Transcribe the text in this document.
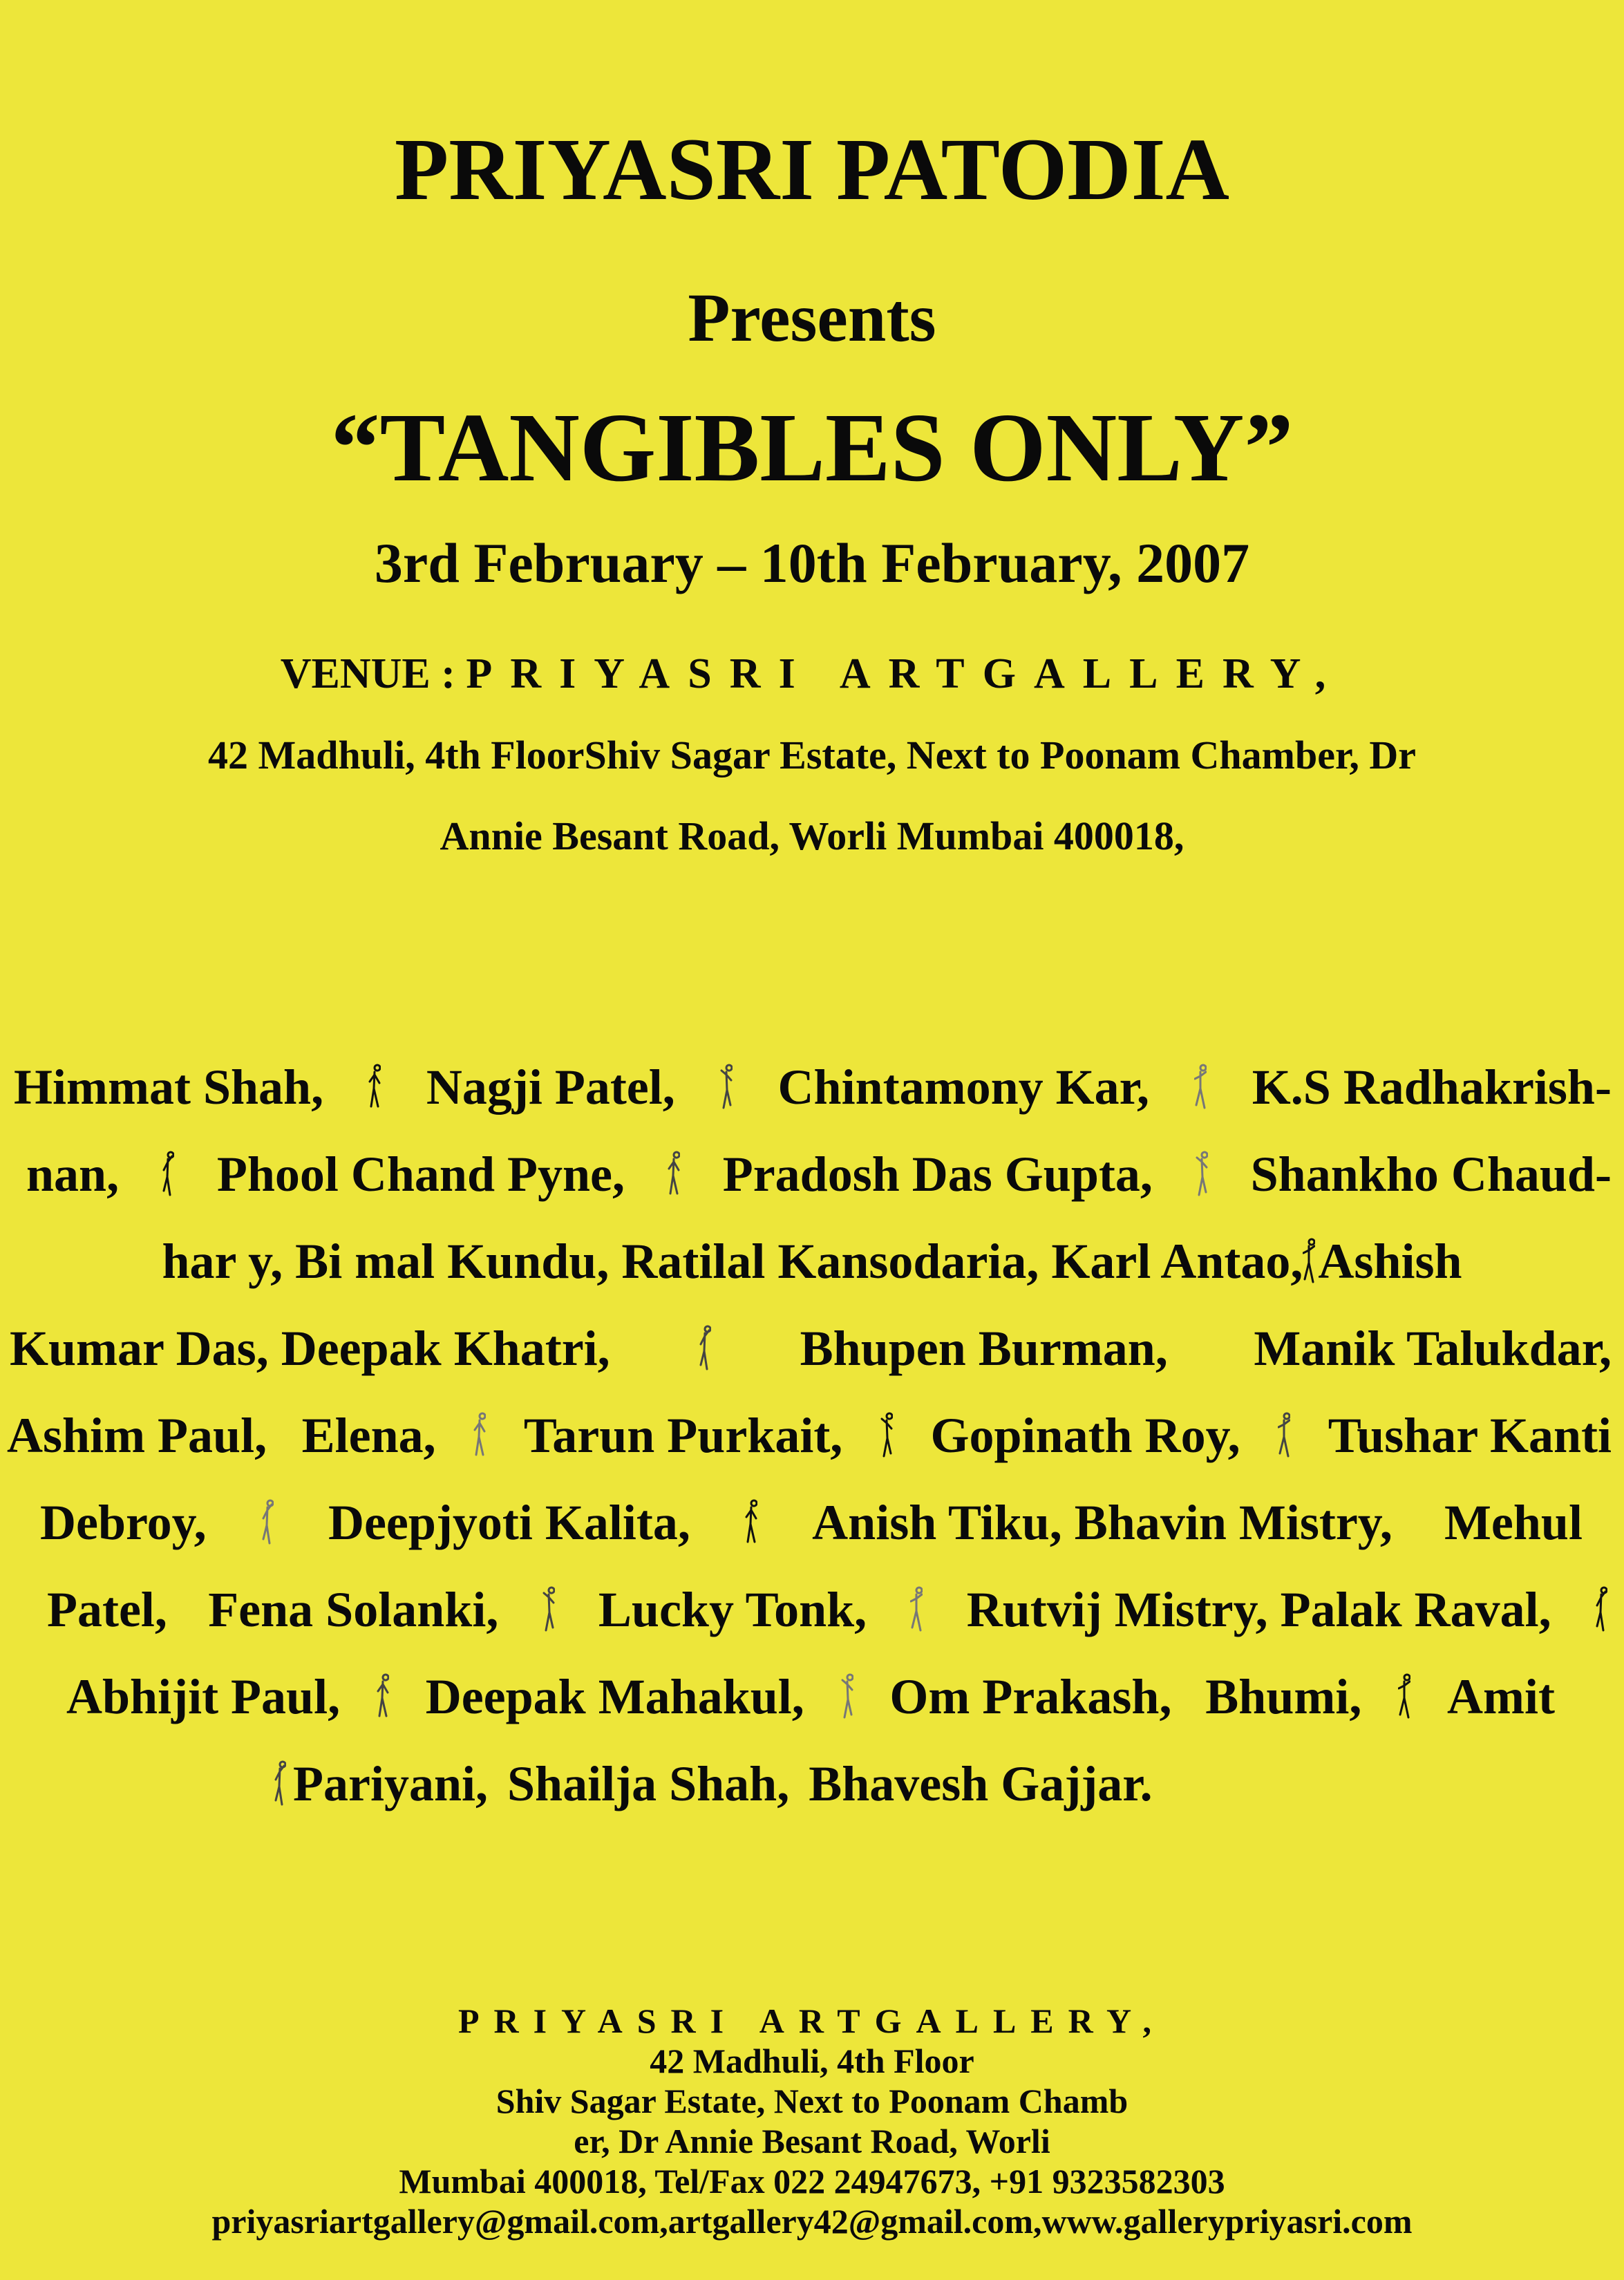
PRIYASRI PATODIA
Presents
“TANGIBLES ONLY”
3rd February – 10th February, 2007
VENUE : PRIYASRI ARTGALLERY,
42 Madhuli, 4th FloorShiv Sagar Estate, Next to Poonam Chamber, Dr
Annie Besant Road, Worli Mumbai 400018,
Himmat Shah, Nagji Patel, Chintamony Kar, K.S Radhakrish-
nan, Phool Chand Pyne, Pradosh Das Gupta, Shankho Chaud-
har y, Bi mal Kundu, Ratilal Kansodaria, Karl Antao, Ashish
Kumar Das, Deepak Khatri,	Bhupen Burman, Manik Talukdar,
Ashim Paul, Elena, Tarun Purkait, Gopinath Roy, Tushar Kanti
Debroy, Deepjyoti Kalita, Anish Tiku, Bhavin Mistry, Mehul
Patel, Fena Solanki, Lucky Tonk, Rutvij Mistry, Palak Raval,
Abhijit Paul, Deepak Mahakul, Om Prakash, Bhumi, Amit
Pariyani, Shailja Shah, Bhavesh Gajjar.
PRIYASRI ARTGALLERY,
42 Madhuli, 4th Floor
Shiv Sagar Estate, Next to Poonam Chamb
er, Dr Annie Besant Road, Worli
Mumbai 400018, Tel/Fax 022 24947673, +91 9323582303
priyasriartgallery@gmail.com,artgallery42@gmail.com,www.gallerypriyasri.com
